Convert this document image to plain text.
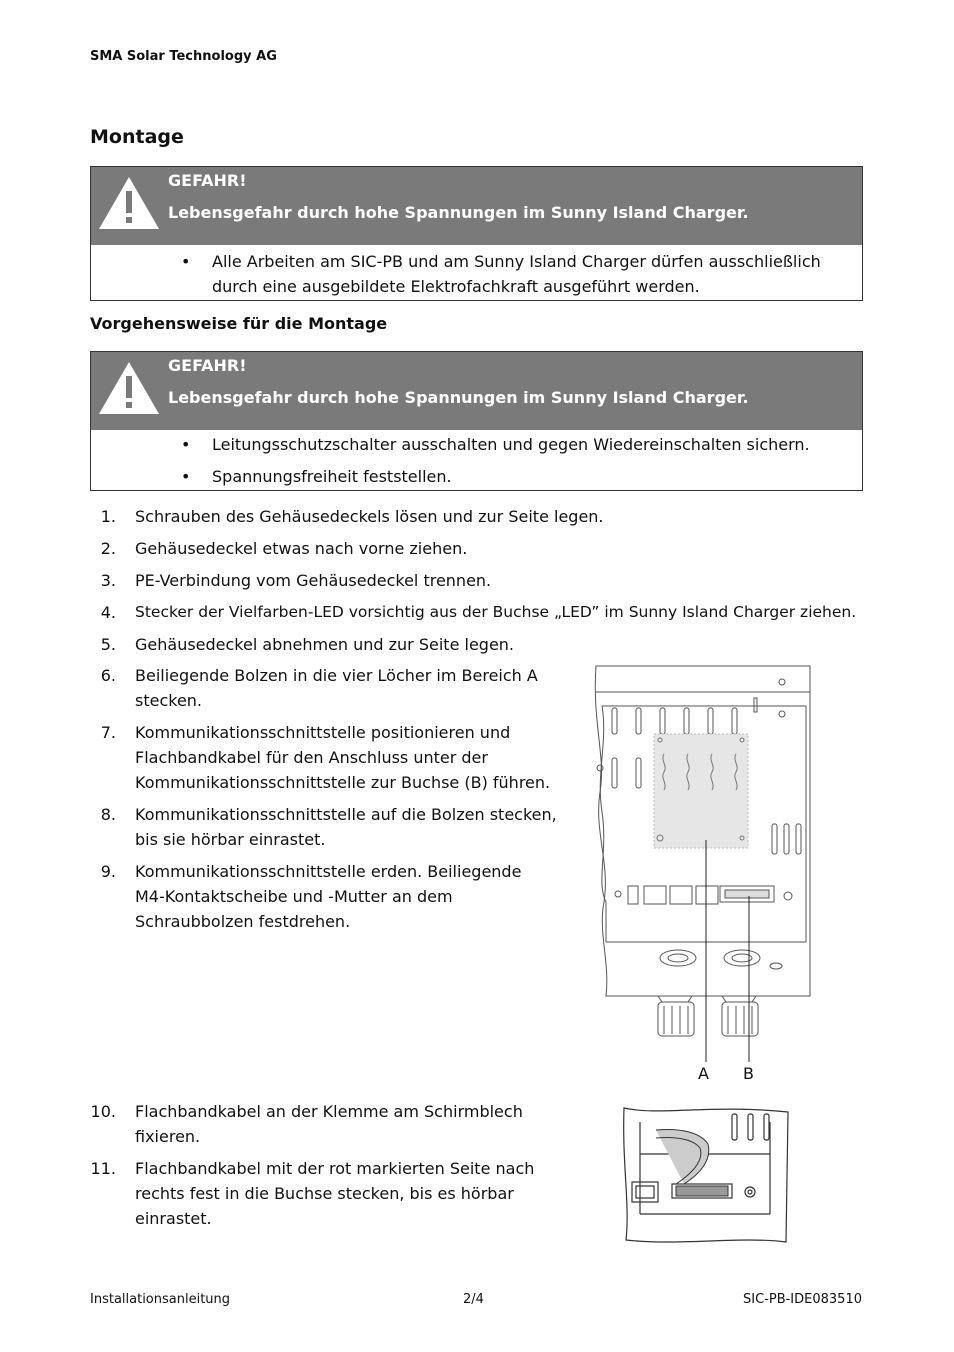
SMA Solar Technology AG
Montage
GEFAHR!
Lebensgefahr durch hohe Spannungen im Sunny Island Charger.
• Alle Arbeiten am SIC-PB und am Sunny Island Charger dürfen ausschließlich durch eine ausgebildete Elektrofachkraft ausgeführt werden.
Vorgehensweise für die Montage
GEFAHR!
Lebensgefahr durch hohe Spannungen im Sunny Island Charger.
• Leitungsschutzschalter ausschalten und gegen Wiedereinschalten sichern.
• Spannungsfreiheit feststellen.
1. Schrauben des Gehäusedeckels lösen und zur Seite legen.
2. Gehäusedeckel etwas nach vorne ziehen.
3. PE-Verbindung vom Gehäusedeckel trennen.
4. Stecker der Vielfarben-LED vorsichtig aus der Buchse „LED” im Sunny Island Charger ziehen.
5. Gehäusedeckel abnehmen und zur Seite legen.
6. Beiliegende Bolzen in die vier Löcher im Bereich A
stecken.
7. Kommunikationsschnittstelle positionieren und
Flachbandkabel für den Anschluss unter der
Kommunikationsschnittstelle zur Buchse (B) führen.
8. Kommunikationsschnittstelle auf die Bolzen stecken,
bis sie hörbar einrastet.
9. Kommunikationsschnittstelle erden. Beiliegende
M4-Kontaktscheibe und -Mutter an dem
Schraubbolzen festdrehen.
10. Flachbandkabel an der Klemme am Schirmblech
fixieren.
11. Flachbandkabel mit der rot markierten Seite nach
rechts fest in die Buchse stecken, bis es hörbar
einrastet.
A B
Installationsanleitung	2/4	SIC-PB-IDE083510
